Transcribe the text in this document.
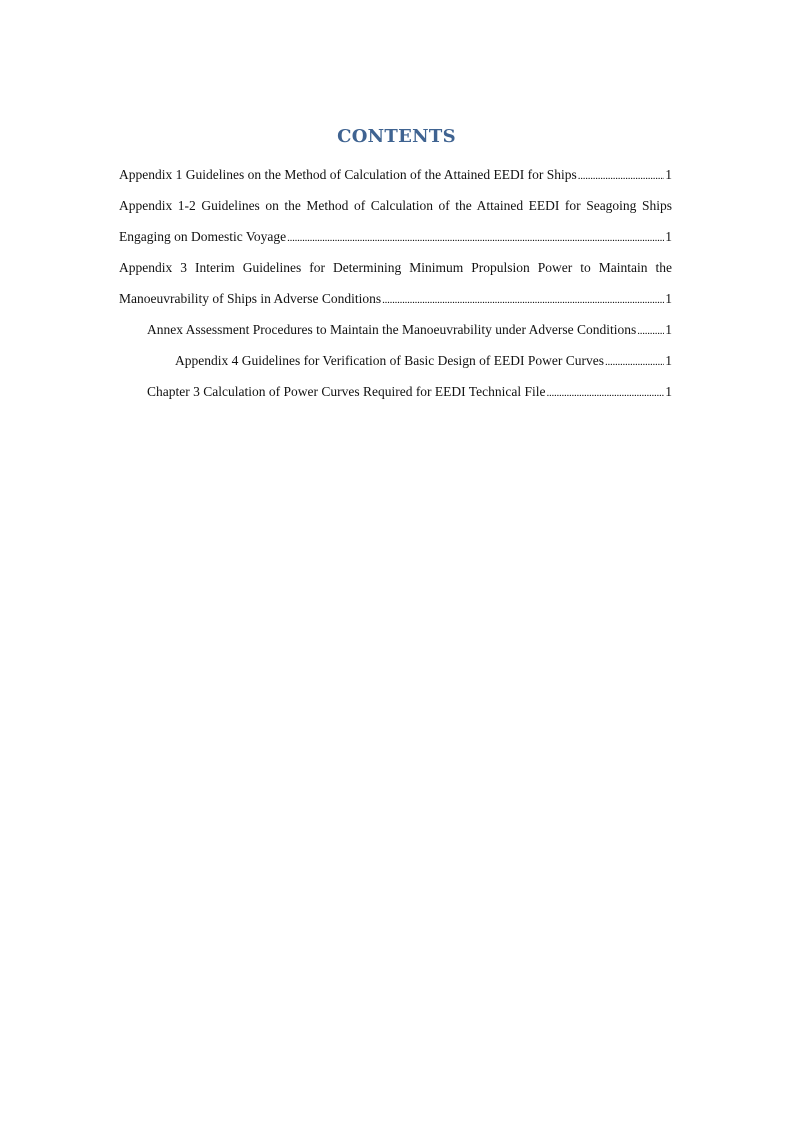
CONTENTS
Appendix 1 Guidelines on the Method of Calculation of the Attained EEDI for Ships . . .	1
Appendix 1-2 Guidelines on the Method of Calculation of the Attained EEDI for Seagoing Ships
Engaging on Domestic Voyage . . .	1
Appendix 3 Interim Guidelines for Determining Minimum Propulsion Power to Maintain the
Manoeuvrability of Ships in Adverse Conditions . . .	1
Annex Assessment Procedures to Maintain the Manoeuvrability under Adverse Conditions . . . 1
Appendix 4 Guidelines for Verification of Basic Design of EEDI Power Curves . . .	1
Chapter 3 Calculation of Power Curves Required for EEDI Technical File . . .	1
